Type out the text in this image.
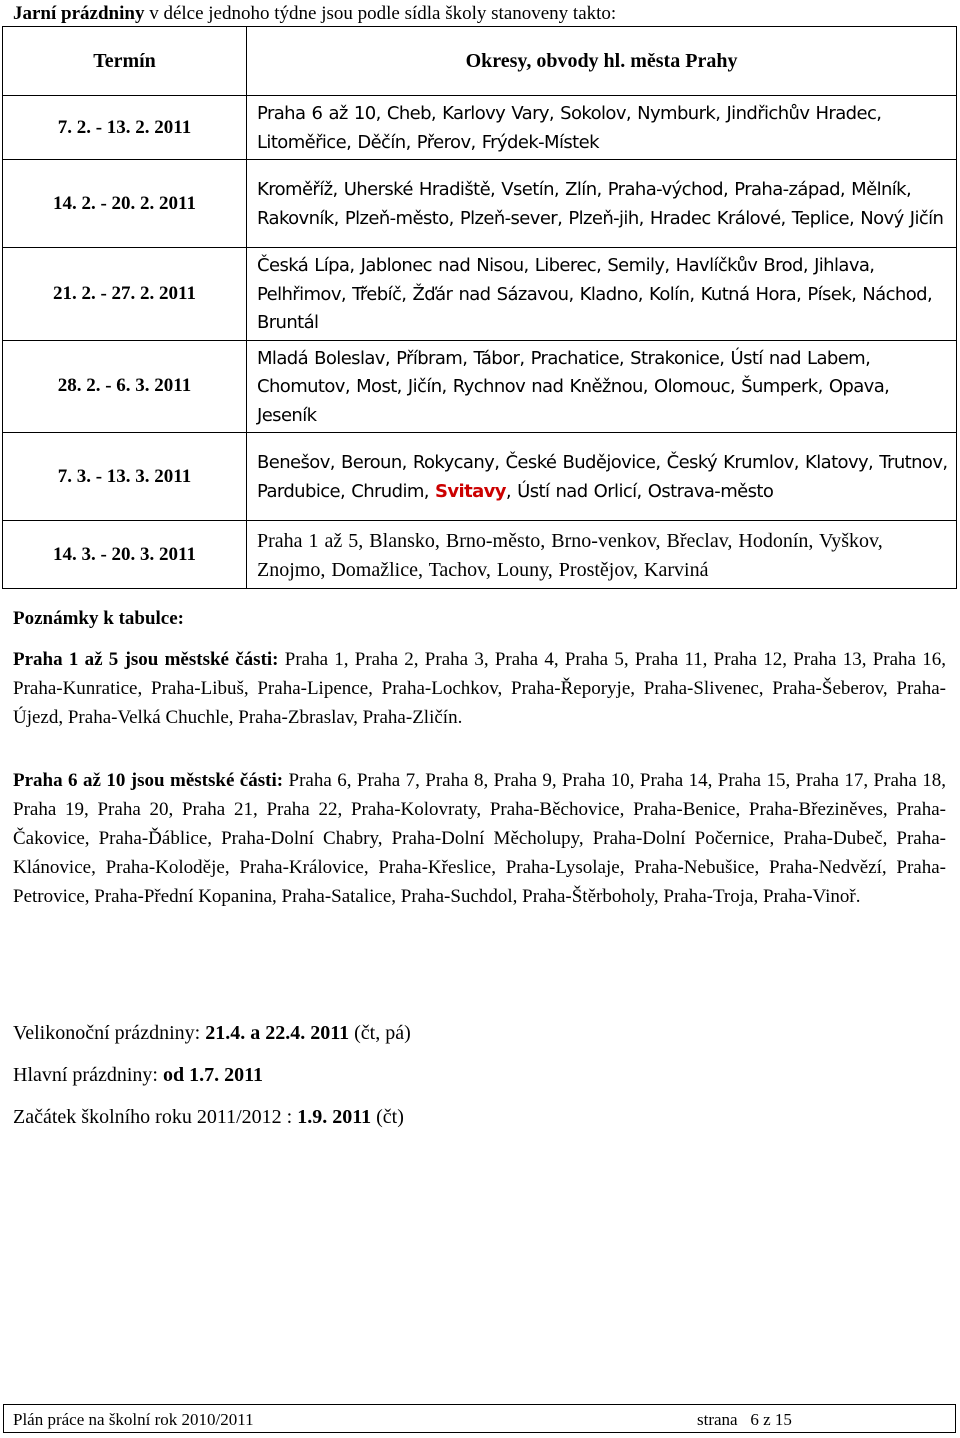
Jarní prázdniny v délce jednoho týdne jsou podle sídla školy stanoveny takto:
Termín	Okresy, obvody hl. města Prahy
7. 2. - 13. 2. 2011	Praha 6 až 10, Cheb, Karlovy Vary, Sokolov, Nymburk, Jindřichův Hradec, Litoměřice, Děčín, Přerov, Frýdek-Místek
14. 2. - 20. 2. 2011	Kroměříž, Uherské Hradiště, Vsetín, Zlín, Praha-východ, Praha-západ, Mělník, Rakovník, Plzeň-město, Plzeň-sever, Plzeň-jih, Hradec Králové, Teplice, Nový Jičín
21. 2. - 27. 2. 2011	Česká Lípa, Jablonec nad Nisou, Liberec, Semily, Havlíčkův Brod, Jihlava, Pelhřimov, Třebíč, Žďár nad Sázavou, Kladno, Kolín, Kutná Hora, Písek, Náchod, Bruntál
28. 2. - 6. 3. 2011	Mladá Boleslav, Příbram, Tábor, Prachatice, Strakonice, Ústí nad Labem, Chomutov, Most, Jičín, Rychnov nad Kněžnou, Olomouc, Šumperk, Opava, Jeseník
7. 3. - 13. 3. 2011	Benešov, Beroun, Rokycany, České Budějovice, Český Krumlov, Klatovy, Trutnov, Pardubice, Chrudim, Svitavy, Ústí nad Orlicí, Ostrava-město
14. 3. - 20. 3. 2011	Praha 1 až 5, Blansko, Brno-město, Brno-venkov, Břeclav, Hodonín, Vyškov, Znojmo, Domažlice, Tachov, Louny, Prostějov, Karviná
Poznámky k tabulce:
Praha 1 až 5 jsou městské části: Praha 1, Praha 2, Praha 3, Praha 4, Praha 5, Praha 11, Praha 12, Praha 13, Praha 16, Praha-Kunratice, Praha-Libuš, Praha-Lipence, Praha-Lochkov, Praha-Řeporyje, Praha-Slivenec, Praha-Šeberov, Praha-Újezd, Praha-Velká Chuchle, Praha-Zbraslav, Praha-Zličín.
Praha 6 až 10 jsou městské části: Praha 6, Praha 7, Praha 8, Praha 9, Praha 10, Praha 14, Praha 15, Praha 17, Praha 18, Praha 19, Praha 20, Praha 21, Praha 22, Praha-Kolovraty, Praha-Běchovice, Praha-Benice, Praha-Březiněves, Praha-Čakovice, Praha-Ďáblice, Praha-Dolní Chabry, Praha-Dolní Měcholupy, Praha-Dolní Počernice, Praha-Dubeč, Praha-Klánovice, Praha-Koloděje, Praha-Královice, Praha-Křeslice, Praha-Lysolaje, Praha-Nebušice, Praha-Nedvězí, Praha-Petrovice, Praha-Přední Kopanina, Praha-Satalice, Praha-Suchdol, Praha-Štěrboholy, Praha-Troja, Praha-Vinoř.
Velikonoční prázdniny: 21.4. a 22.4. 2011 (čt, pá)
Hlavní prázdniny: od 1.7. 2011
Začátek školního roku 2011/2012 : 1.9. 2011 (čt)
Plán práce na školní rok 2010/2011	strana   6 z 15
